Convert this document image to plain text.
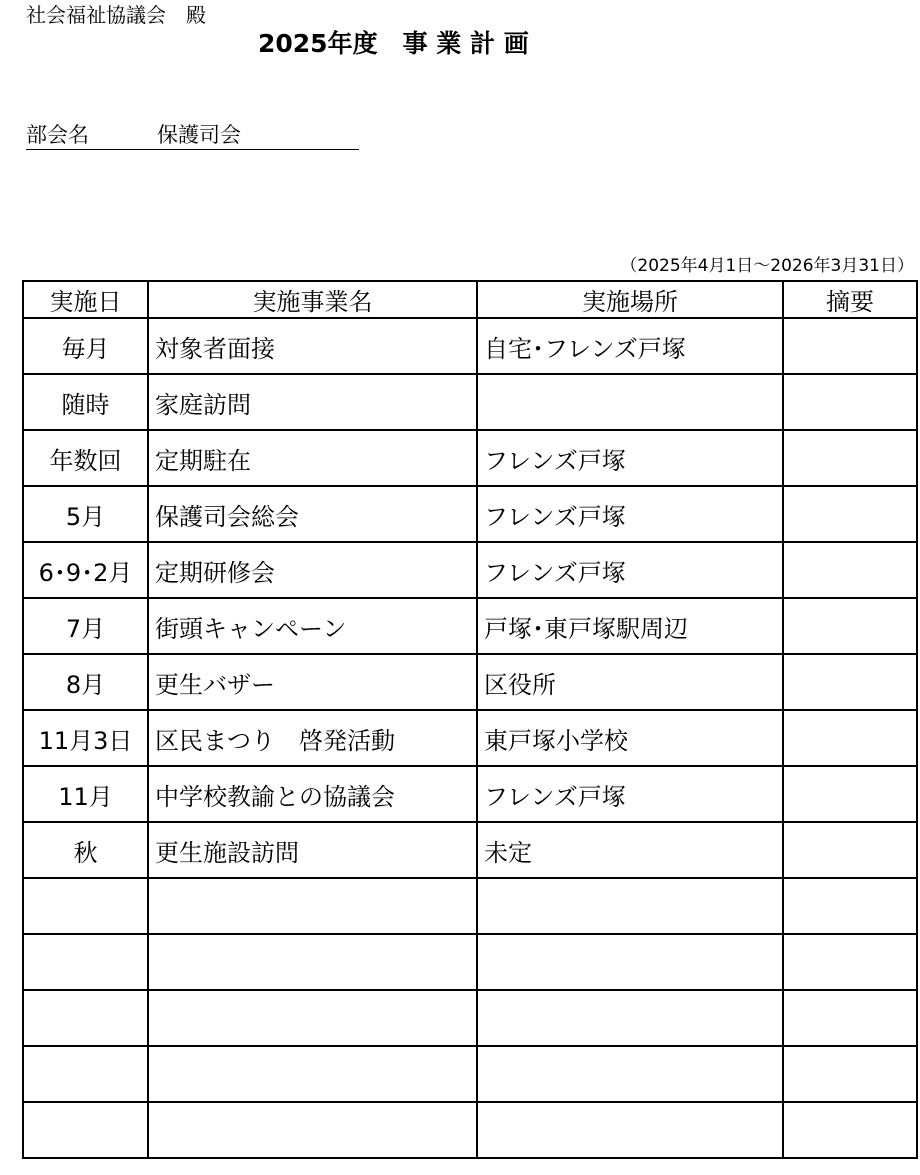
社会福祉協議会　殿
2025年度　事 業 計 画
部会名	保護司会
（2025年4月1日～2026年3月31日）
実施日	実施事業名	実施場所	摘要
毎月	対象者面接	自宅･フレンズ戸塚	
随時	家庭訪問		
年数回	定期駐在	フレンズ戸塚	
5月	保護司会総会	フレンズ戸塚	
6･9･2月	定期研修会	フレンズ戸塚	
7月	街頭キャンペーン	戸塚･東戸塚駅周辺	
8月	更生バザー	区役所	
11月3日	区民まつり　啓発活動	東戸塚小学校	
11月	中学校教諭との協議会	フレンズ戸塚	
秋	更生施設訪問	未定	
